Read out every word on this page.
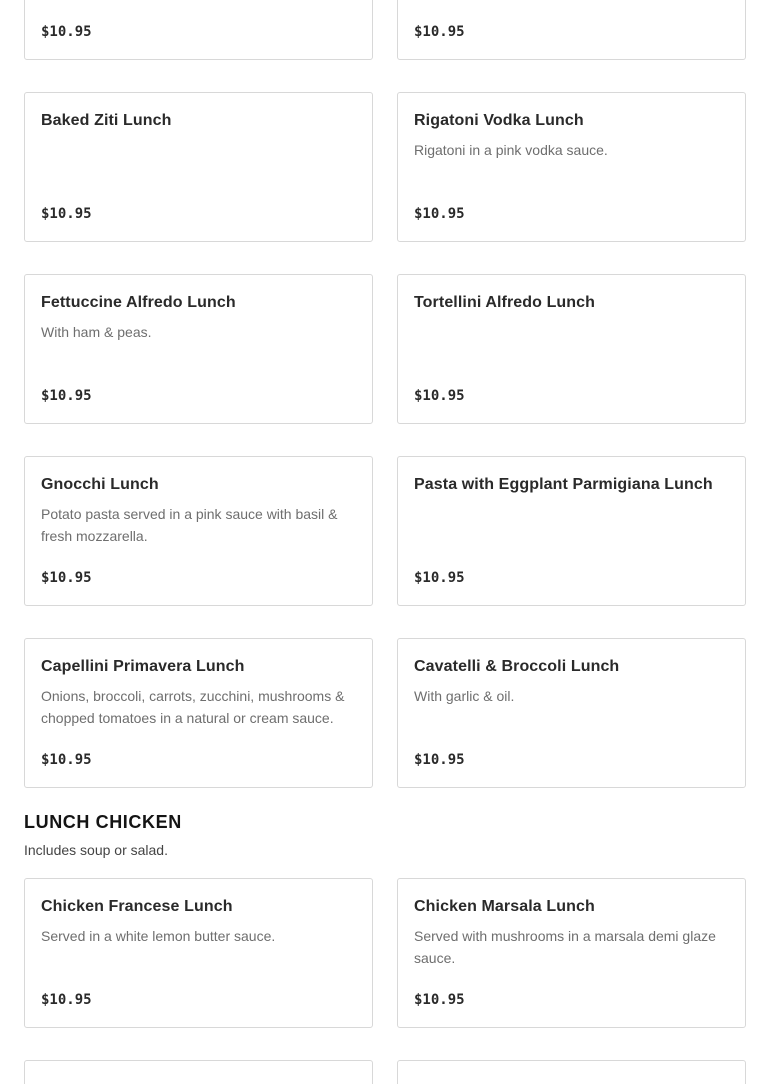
$10.95	$10.95
Baked Ziti Lunch
$10.95
Rigatoni Vodka Lunch
Rigatoni in a pink vodka sauce.
$10.95
Fettuccine Alfredo Lunch
With ham & peas.
$10.95
Tortellini Alfredo Lunch
$10.95
Gnocchi Lunch
Potato pasta served in a pink sauce with basil & fresh mozzarella.
$10.95
Pasta with Eggplant Parmigiana Lunch
$10.95
Capellini Primavera Lunch
Onions, broccoli, carrots, zucchini, mushrooms & chopped tomatoes in a natural or cream sauce.
$10.95
Cavatelli & Broccoli Lunch
With garlic & oil.
$10.95
LUNCH CHICKEN
Includes soup or salad.
Chicken Francese Lunch
Served in a white lemon butter sauce.
$10.95
Chicken Marsala Lunch
Served with mushrooms in a marsala demi glaze sauce.
$10.95
